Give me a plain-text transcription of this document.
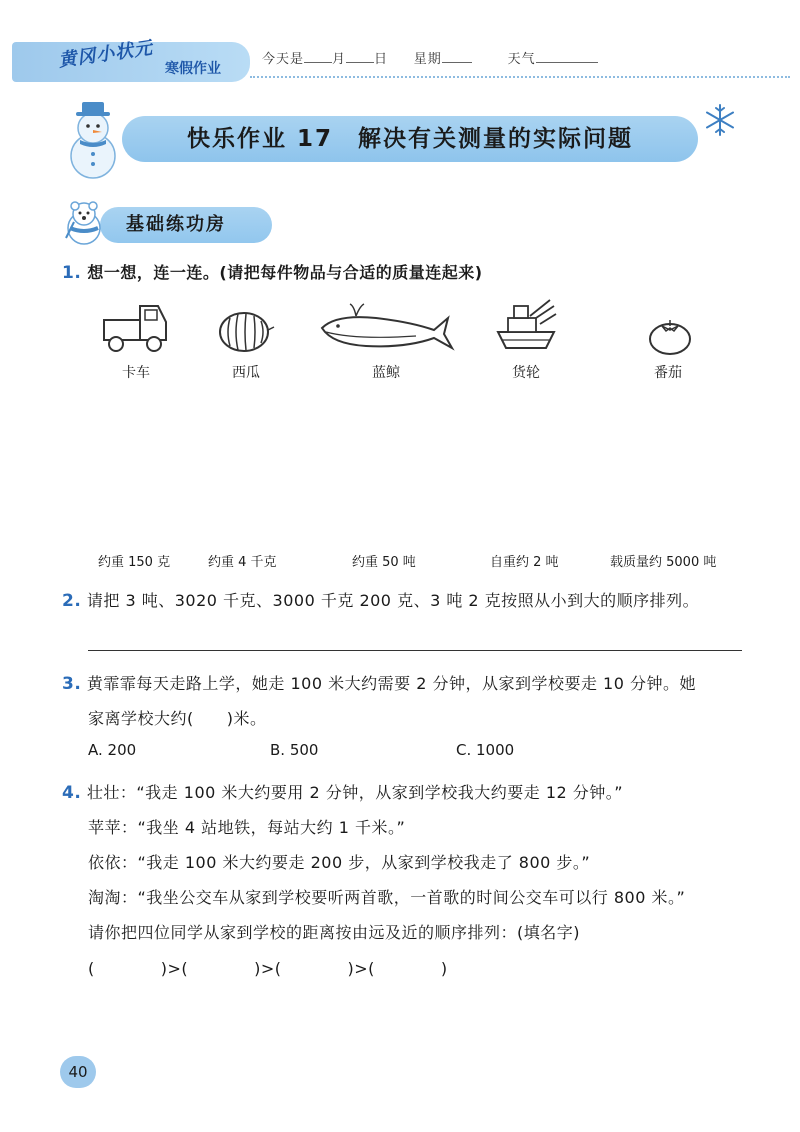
黄冈小状元 寒假作业
今天是 月 日 星期	天气
快乐作业 17　解决有关测量的实际问题
基础练功房
1. 想一想，连一连。(请把每件物品与合适的质量连起来)
卡车	西瓜	蓝鲸	货轮	番茄
约重 150 克	约重 4 千克	约重 50 吨	自重约 2 吨	载质量约 5000 吨
2. 请把 3 吨、3020 千克、3000 千克 200 克、3 吨 2 克按照从小到大的顺序排列。
3. 黄霏霏每天走路上学，她走 100 米大约需要 2 分钟，从家到学校要走 10 分钟。她
家离学校大约(　　)米。
A. 200	B. 500	C. 1000
4. 壮壮：“我走 100 米大约要用 2 分钟，从家到学校我大约要走 12 分钟。”
苹苹：“我坐 4 站地铁，每站大约 1 千米。”
依依：“我走 100 米大约要走 200 步，从家到学校我走了 800 步。”
淘淘：“我坐公交车从家到学校要听两首歌，一首歌的时间公交车可以行 800 米。”
请你把四位同学从家到学校的距离按由远及近的顺序排列：(填名字)
(　　　　)>(　　　　)>(　　　　)>(　　　　)
40
